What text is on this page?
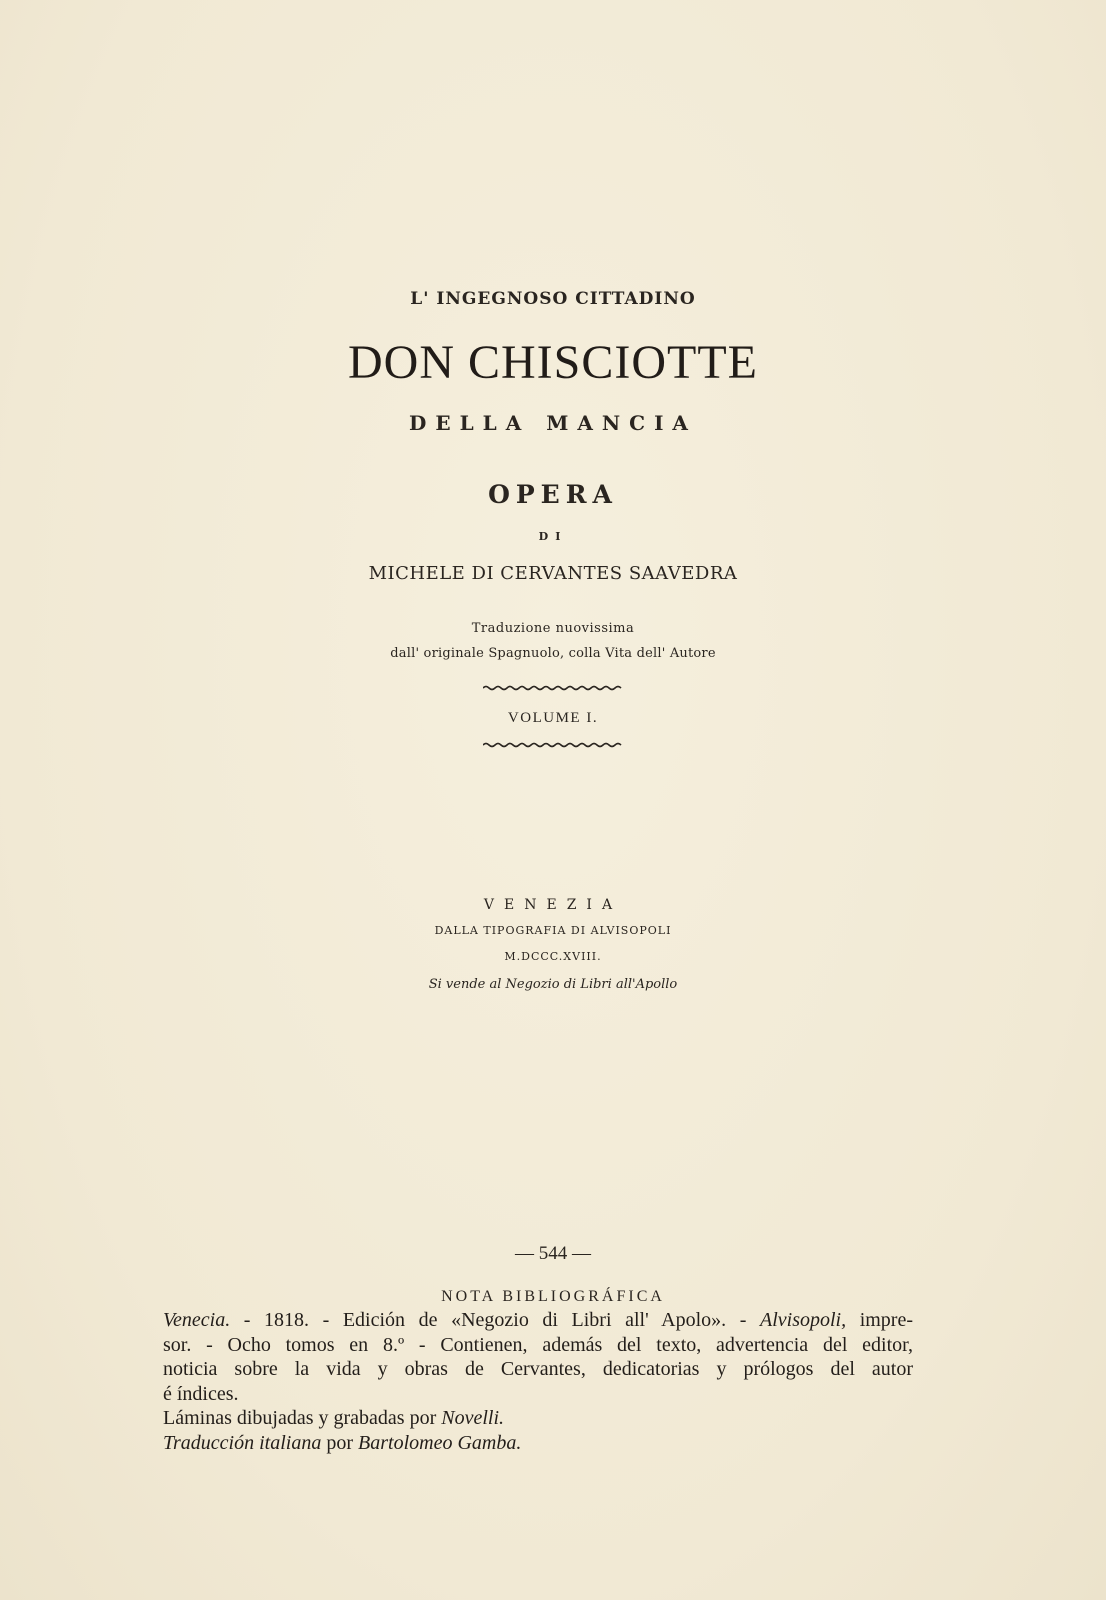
L' INGEGNOSO CITTADINO
DON CHISCIOTTE
DELLA MANCIA
OPERA
DI
MICHELE DI CERVANTES SAAVEDRA
Traduzione nuovissima
dall' originale Spagnuolo, colla Vita dell' Autore
VOLUME I.
VENEZIA
DALLA TIPOGRAFIA DI ALVISOPOLI
M.DCCC.XVIII.
Si vende al Negozio di Libri all'Apollo
— 544 —
NOTA BIBLIOGRÁFICA
Venecia. - 1818. - Edición de «Negozio di Libri all' Apolo». - Alvisopoli, impre-
sor. - Ocho tomos en 8.º - Contienen, además del texto, advertencia del editor,
noticia sobre la vida y obras de Cervantes, dedicatorias y prólogos del autor
é índices.
Láminas dibujadas y grabadas por Novelli.
Traducción italiana por Bartolomeo Gamba.
